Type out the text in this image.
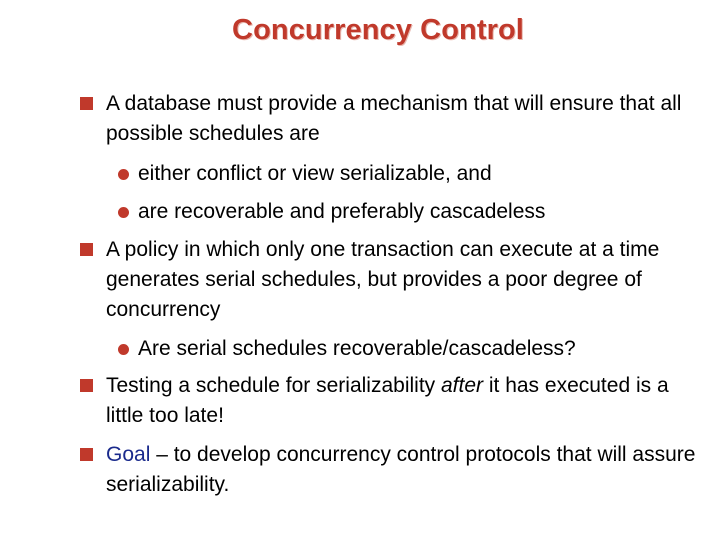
Concurrency Control
A database must provide a mechanism that will ensure that all possible schedules are
either conflict or view serializable, and
are recoverable and preferably cascadeless
A policy in which only one transaction can execute at a time generates serial schedules, but provides a poor degree of concurrency
Are serial schedules recoverable/cascadeless?
Testing a schedule for serializability after it has executed is a little too late!
Goal – to develop concurrency control protocols that will assure serializability.
